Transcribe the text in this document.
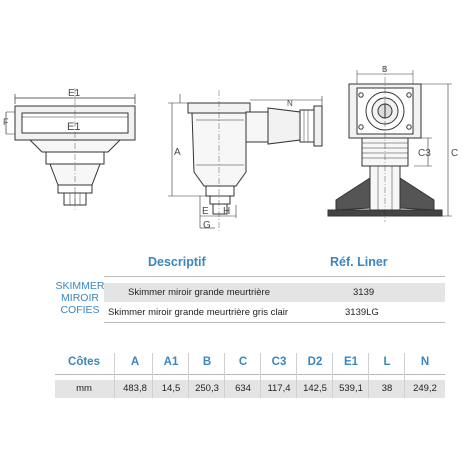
E1
E1
F
N
A
E H
G
B
C3 C
Descriptif	Réf. Liner
SKIMMER
MIROIR
COFIES
Skimmer miroir grande meurtrière	3139
Skimmer miroir grande meurtrière gris clair	3139LG
Côtes	A	A1	B	C	C3	D2	E1	L	N
mm	483,8	14,5	250,3	634	117,4	142,5	539,1	38	249,2
